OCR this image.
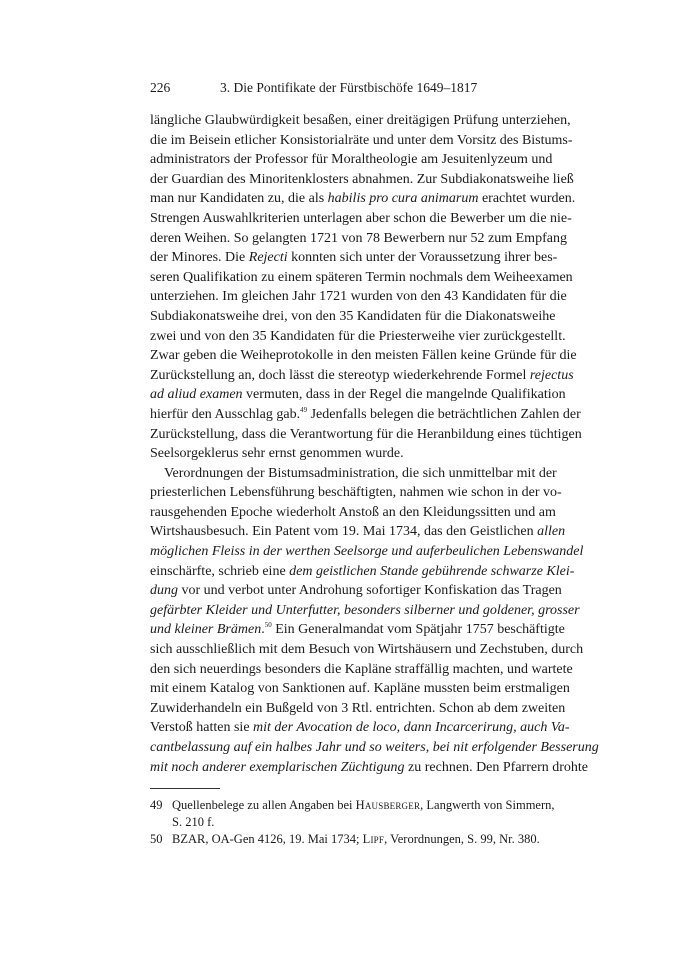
226	3. Die Pontifikate der Fürstbischöfe 1649–1817
längliche Glaubwürdigkeit besaßen, einer dreitägigen Prüfung unterziehen,
die im Beisein etlicher Konsistorialräte und unter dem Vorsitz des Bistums-
administrators der Professor für Moraltheologie am Jesuitenlyzeum und
der Guardian des Minoritenklosters abnahmen. Zur Subdiakonatsweihe ließ
man nur Kandidaten zu, die als habilis pro cura animarum erachtet wurden.
Strengen Auswahlkriterien unterlagen aber schon die Bewerber um die nie-
deren Weihen. So gelangten 1721 von 78 Bewerbern nur 52 zum Empfang
der Minores. Die Rejecti konnten sich unter der Voraussetzung ihrer bes-
seren Qualifikation zu einem späteren Termin nochmals dem Weiheexamen
unterziehen. Im gleichen Jahr 1721 wurden von den 43 Kandidaten für die
Subdiakonatsweihe drei, von den 35 Kandidaten für die Diakonatsweihe
zwei und von den 35 Kandidaten für die Priesterweihe vier zurückgestellt.
Zwar geben die Weiheprotokolle in den meisten Fällen keine Gründe für die
Zurückstellung an, doch lässt die stereotyp wiederkehrende Formel rejectus
ad aliud examen vermuten, dass in der Regel die mangelnde Qualifikation
hierfür den Ausschlag gab.$^{49}$ Jedenfalls belegen die beträchtlichen Zahlen der
Zurückstellung, dass die Verantwortung für die Heranbildung eines tüchtigen
Seelsorgeklerus sehr ernst genommen wurde.
Verordnungen der Bistumsadministration, die sich unmittelbar mit der
priesterlichen Lebensführung beschäftigten, nahmen wie schon in der vo-
rausgehenden Epoche wiederholt Anstoß an den Kleidungssitten und am
Wirtshausbesuch. Ein Patent vom 19. Mai 1734, das den Geistlichen allen
möglichen Fleiss in der werthen Seelsorge und auferbeulichen Lebenswandel
einschärfte, schrieb eine dem geistlichen Stande gebührende schwarze Klei-
dung vor und verbot unter Androhung sofortiger Konfiskation das Tragen
gefärbter Kleider und Unterfutter, besonders silberner und goldener, grosser
und kleiner Brämen.$^{50}$ Ein Generalmandat vom Spätjahr 1757 beschäftigte
sich ausschließlich mit dem Besuch von Wirtshäusern und Zechstuben, durch
den sich neuerdings besonders die Kapläne straffällig machten, und wartete
mit einem Katalog von Sanktionen auf. Kapläne mussten beim erstmaligen
Zuwiderhandeln ein Bußgeld von 3 Rtl. entrichten. Schon ab dem zweiten
Verstoß hatten sie mit der Avocation de loco, dann Incarcerirung, auch Va-
cantbelassung auf ein halbes Jahr und so weiters, bei nit erfolgender Besserung
mit noch anderer exemplarischen Züchtigung zu rechnen. Den Pfarrern drohte
49 Quellenbelege zu allen Angaben bei Hausberger, Langwerth von Simmern,
S. 210 f.
50 BZAR, OA-Gen 4126, 19. Mai 1734; Lipf, Verordnungen, S. 99, Nr. 380.
